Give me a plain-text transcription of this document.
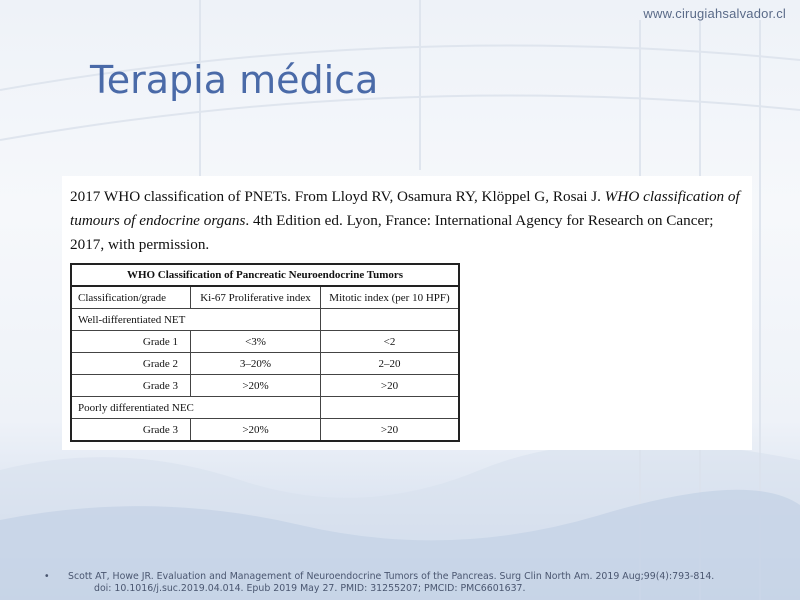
www.cirugiahsalvador.cl
Terapia médica
2017 WHO classification of PNETs. From Lloyd RV, Osamura RY, Klöppel G, Rosai J. WHO classification of tumours of endocrine organs. 4th Edition ed. Lyon, France: International Agency for Research on Cancer; 2017, with permission.
WHO Classification of Pancreatic Neuroendocrine Tumors		
Classification/grade	Ki-67 Proliferative index	Mitotic index (per 10 HPF)
Well-differentiated NET		
Grade 1	<3%	<2
Grade 2	3–20%	2–20
Grade 3	>20%	>20
Poorly differentiated NEC		
Grade 3	>20%	>20
• Scott AT, Howe JR. Evaluation and Management of Neuroendocrine Tumors of the Pancreas. Surg Clin North Am. 2019 Aug;99(4):793-814.
doi: 10.1016/j.suc.2019.04.014. Epub 2019 May 27. PMID: 31255207; PMCID: PMC6601637.
